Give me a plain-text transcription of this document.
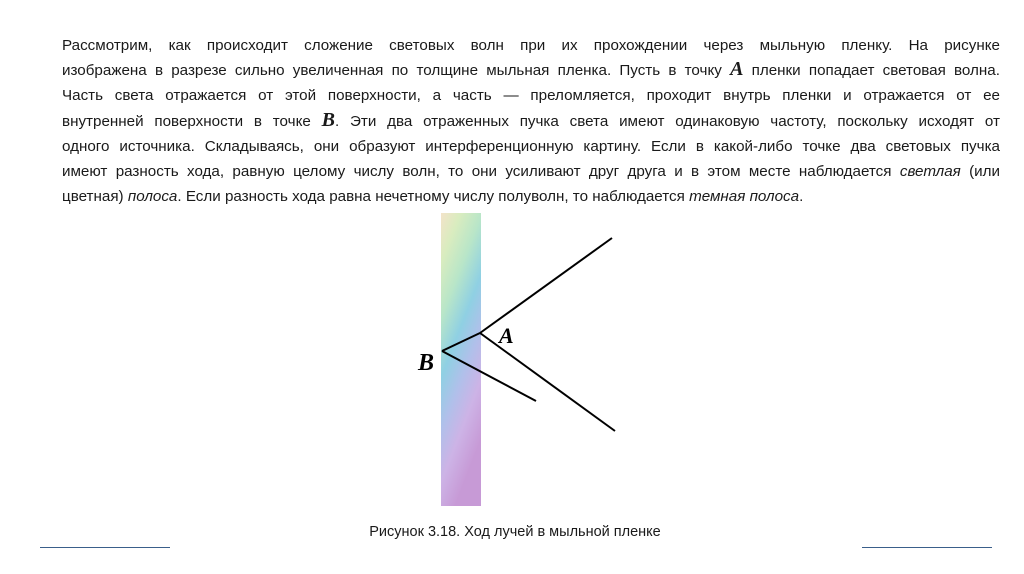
Рассмотрим, как происходит сложение световых волн при их прохождении через мыльную пленку. На рисунке
изображена в разрезе сильно увеличенная по толщине мыльная пленка. Пусть в точку A пленки попадает световая волна.
Часть света отражается от этой поверхности, а часть — преломляется, проходит внутрь пленки и отражается от ее
внутренней поверхности в точке B. Эти два отраженных пучка света имеют одинаковую частоту, поскольку исходят от
одного источника. Складываясь, они образуют интерференционную картину. Если в какой-либо точке два световых пучка
имеют разность хода, равную целому числу волн, то они усиливают друг друга и в этом месте наблюдается светлая (или
цветная) полоса. Если разность хода равна нечетному числу полуволн, то наблюдается темная полоса.
A
B
Рисунок 3.18. Ход лучей в мыльной пленке
